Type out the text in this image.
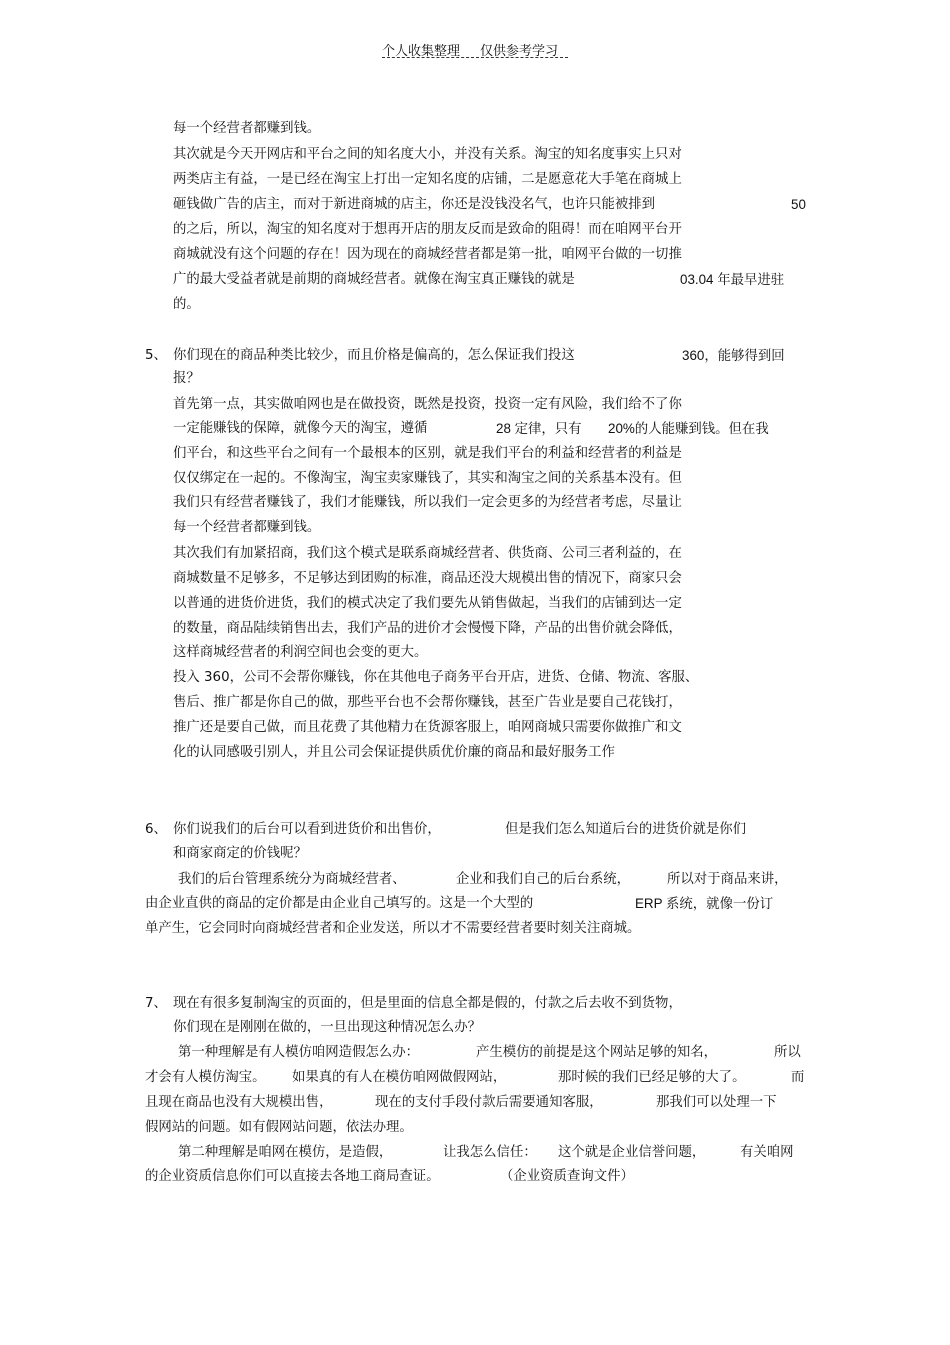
个人收集整理 仅供参考学习
每一个经营者都赚到钱。
其次就是今天开网店和平台之间的知名度大小，并没有关系。淘宝的知名度事实上只对
两类店主有益，一是已经在淘宝上打出一定知名度的店铺，二是愿意花大手笔在商城上
砸钱做广告的店主，而对于新进商城的店主，你还是没钱没名气，也许只能被排到	50
的之后，所以，淘宝的知名度对于想再开店的朋友反而是致命的阻碍！而在咱网平台开
商城就没有这个问题的存在！因为现在的商城经营者都是第一批，咱网平台做的一切推
广的最大受益者就是前期的商城经营者。就像在淘宝真正赚钱的就是	03.04 年最早进驻
的。
5、 你们现在的商品种类比较少，而且价格是偏高的，怎么保证我们投这	360，能够得到回
报？
首先第一点，其实做咱网也是在做投资，既然是投资，投资一定有风险，我们给不了你
一定能赚钱的保障，就像今天的淘宝，遵循	28 定律，只有 20%的人能赚到钱。但在我
们平台，和这些平台之间有一个最根本的区别，就是我们平台的利益和经营者的利益是
仅仅绑定在一起的。不像淘宝，淘宝卖家赚钱了，其实和淘宝之间的关系基本没有。但
我们只有经营者赚钱了，我们才能赚钱，所以我们一定会更多的为经营者考虑，尽量让
每一个经营者都赚到钱。
其次我们有加紧招商，我们这个模式是联系商城经营者、供货商、公司三者利益的，在
商城数量不足够多，不足够达到团购的标准，商品还没大规模出售的情况下，商家只会
以普通的进货价进货，我们的模式决定了我们要先从销售做起，当我们的店铺到达一定
的数量，商品陆续销售出去，我们产品的进价才会慢慢下降，产品的出售价就会降低，
这样商城经营者的利润空间也会变的更大。
投入 360，公司不会帮你赚钱，你在其他电子商务平台开店，进货、仓储、物流、客服、
售后、推广都是你自己的做，那些平台也不会帮你赚钱，甚至广告业是要自己花钱打，
推广还是要自己做，而且花费了其他精力在货源客服上，咱网商城只需要你做推广和文
化的认同感吸引别人，并且公司会保证提供质优价廉的商品和最好服务工作
6、 你们说我们的后台可以看到进货价和出售价，	但是我们怎么知道后台的进货价就是你们
和商家商定的价钱呢？
我们的后台管理系统分为商城经营者、	企业和我们自己的后台系统，	所以对于商品来讲，
由企业直供的商品的定价都是由企业自己填写的。这是一个大型的	ERP 系统，就像一份订
单产生，它会同时向商城经营者和企业发送，所以才不需要经营者要时刻关注商城。
7、 现在有很多复制淘宝的页面的，但是里面的信息全都是假的，付款之后去收不到货物，
你们现在是刚刚在做的，一旦出现这种情况怎么办？
第一种理解是有人模仿咱网造假怎么办：	产生模仿的前提是这个网站足够的知名，	所以
才会有人模仿淘宝。 如果真的有人在模仿咱网做假网站，	那时候的我们已经足够的大了。	而
且现在商品也没有大规模出售，	现在的支付手段付款后需要通知客服，	那我们可以处理一下
假网站的问题。如有假网站问题，依法办理。
第二种理解是咱网在模仿，是造假，	让我怎么信任： 这个就是企业信誉问题，	有关咱网
的企业资质信息你们可以直接去各地工商局查证。	（企业资质查询文件）
